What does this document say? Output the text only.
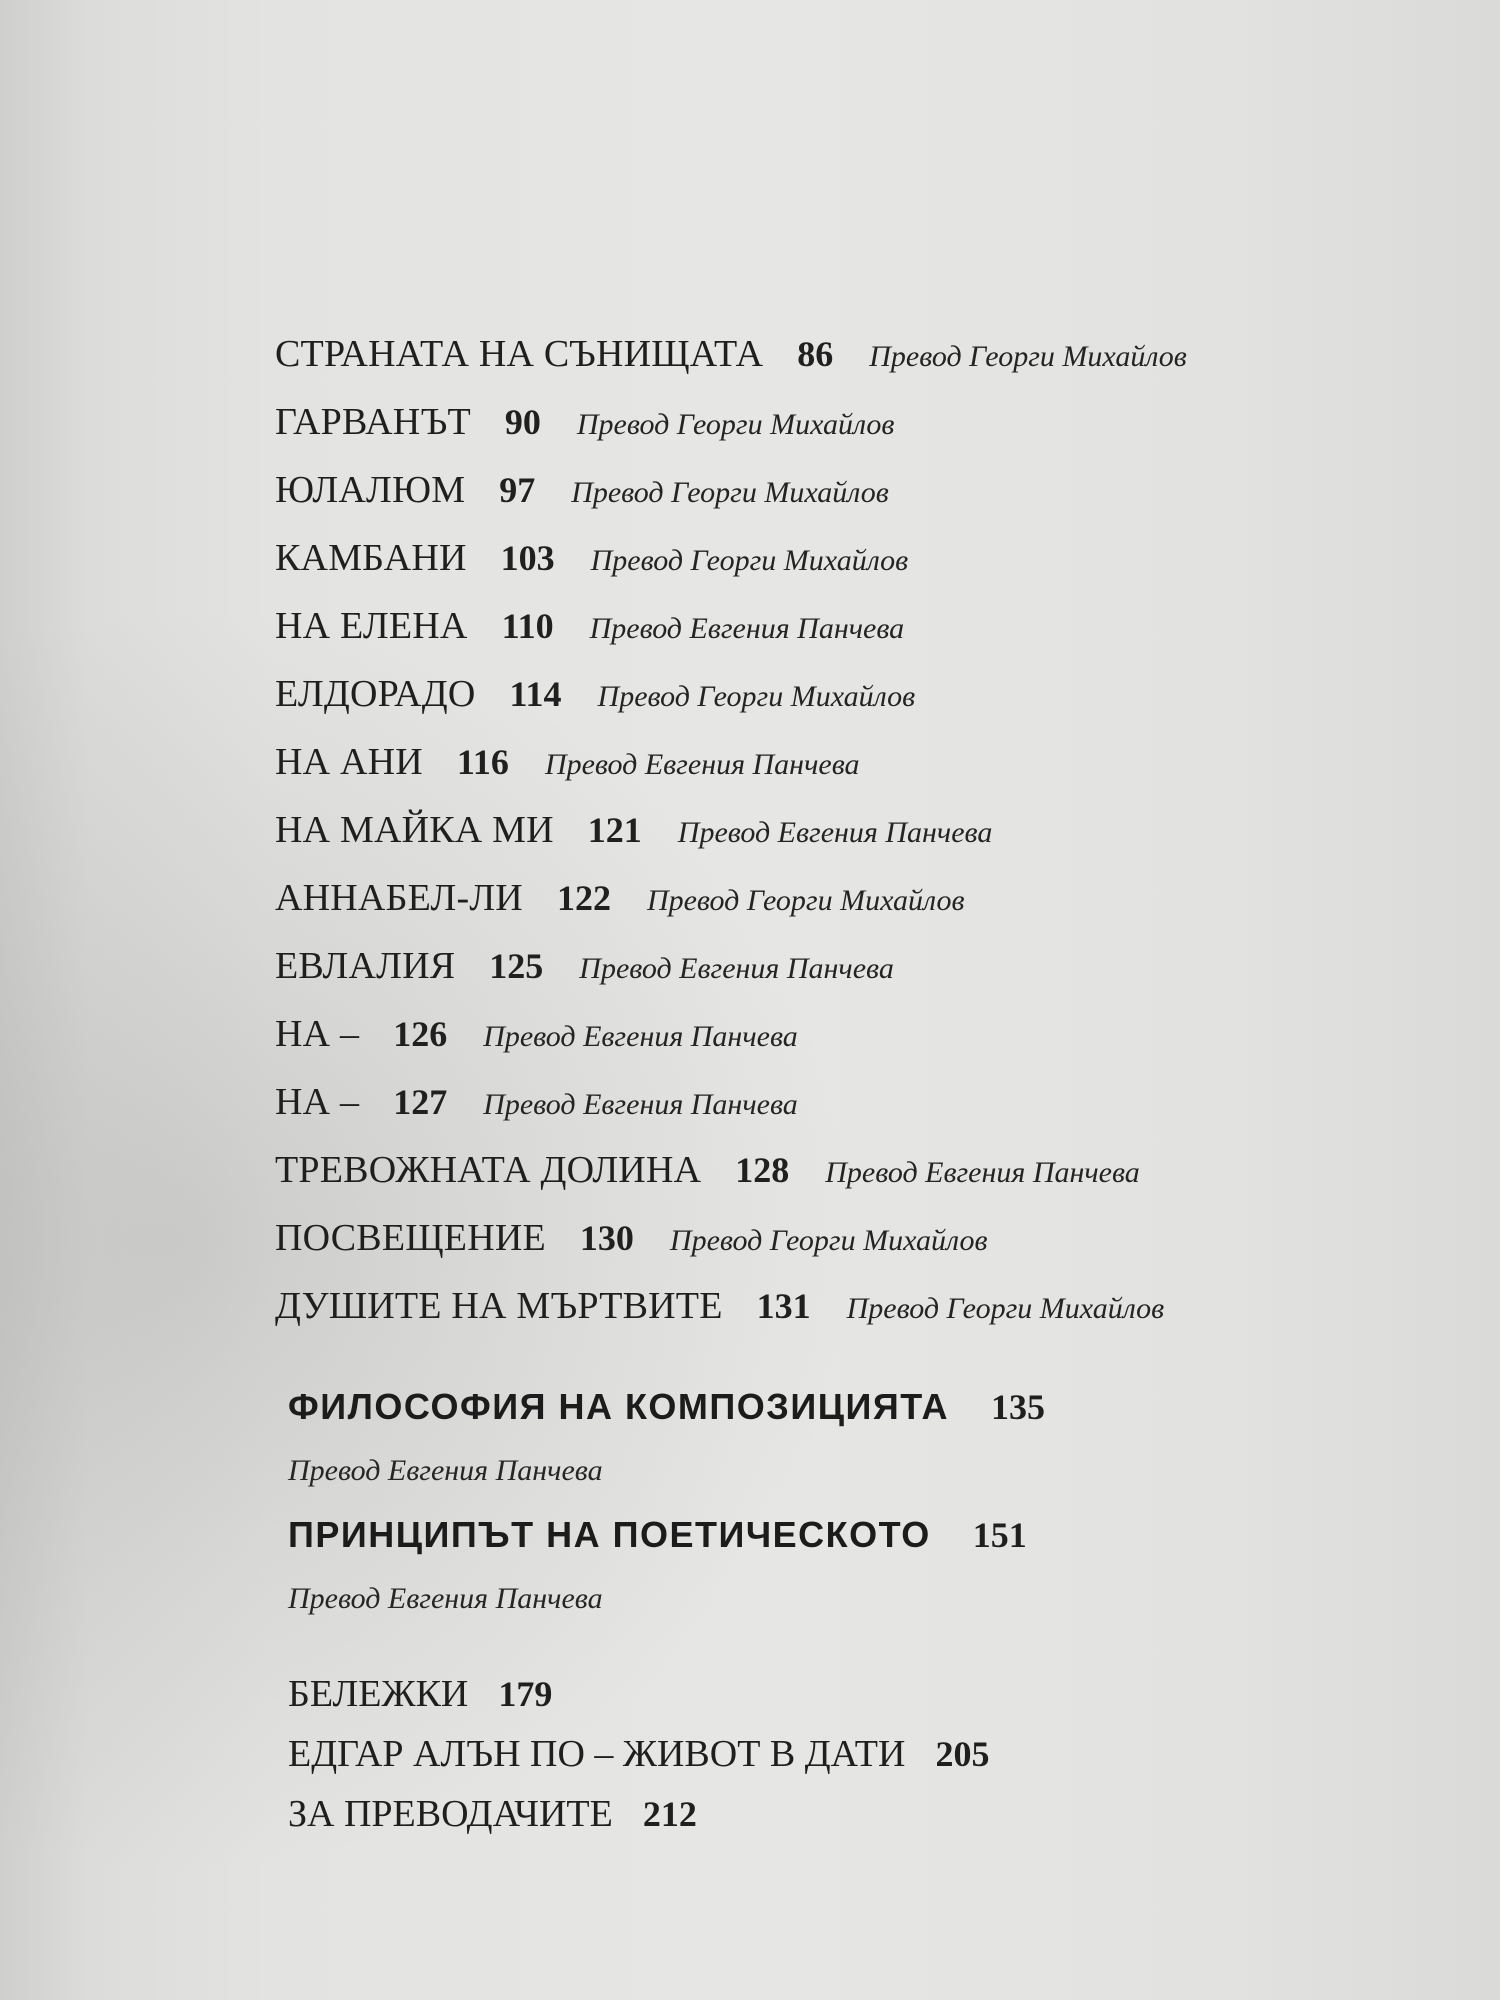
СТРАНАТА НА СЪНИЩАТА 86 Превод Георги Михайлов
ГАРВАНЪТ 90 Превод Георги Михайлов
ЮЛАЛЮМ 97 Превод Георги Михайлов
КАМБАНИ 103 Превод Георги Михайлов
НА ЕЛЕНА 110 Превод Евгения Панчева
ЕЛДОРАДО 114 Превод Георги Михайлов
НА АНИ 116 Превод Евгения Панчева
НА МАЙКА МИ 121 Превод Евгения Панчева
АННАБЕЛ-ЛИ 122 Превод Георги Михайлов
ЕВЛАЛИЯ 125 Превод Евгения Панчева
НА – 126 Превод Евгения Панчева
НА – 127 Превод Евгения Панчева
ТРЕВОЖНАТА ДОЛИНА 128 Превод Евгения Панчева
ПОСВЕЩЕНИЕ 130 Превод Георги Михайлов
ДУШИТЕ НА МЪРТВИТЕ 131 Превод Георги Михайлов
ФИЛОСОФИЯ НА КОМПОЗИЦИЯТА 135
Превод Евгения Панчева
ПРИНЦИПЪТ НА ПОЕТИЧЕСКОТО 151
Превод Евгения Панчева
БЕЛЕЖКИ 179
ЕДГАР АЛЪН ПО – ЖИВОТ В ДАТИ 205
ЗА ПРЕВОДАЧИТЕ 212
